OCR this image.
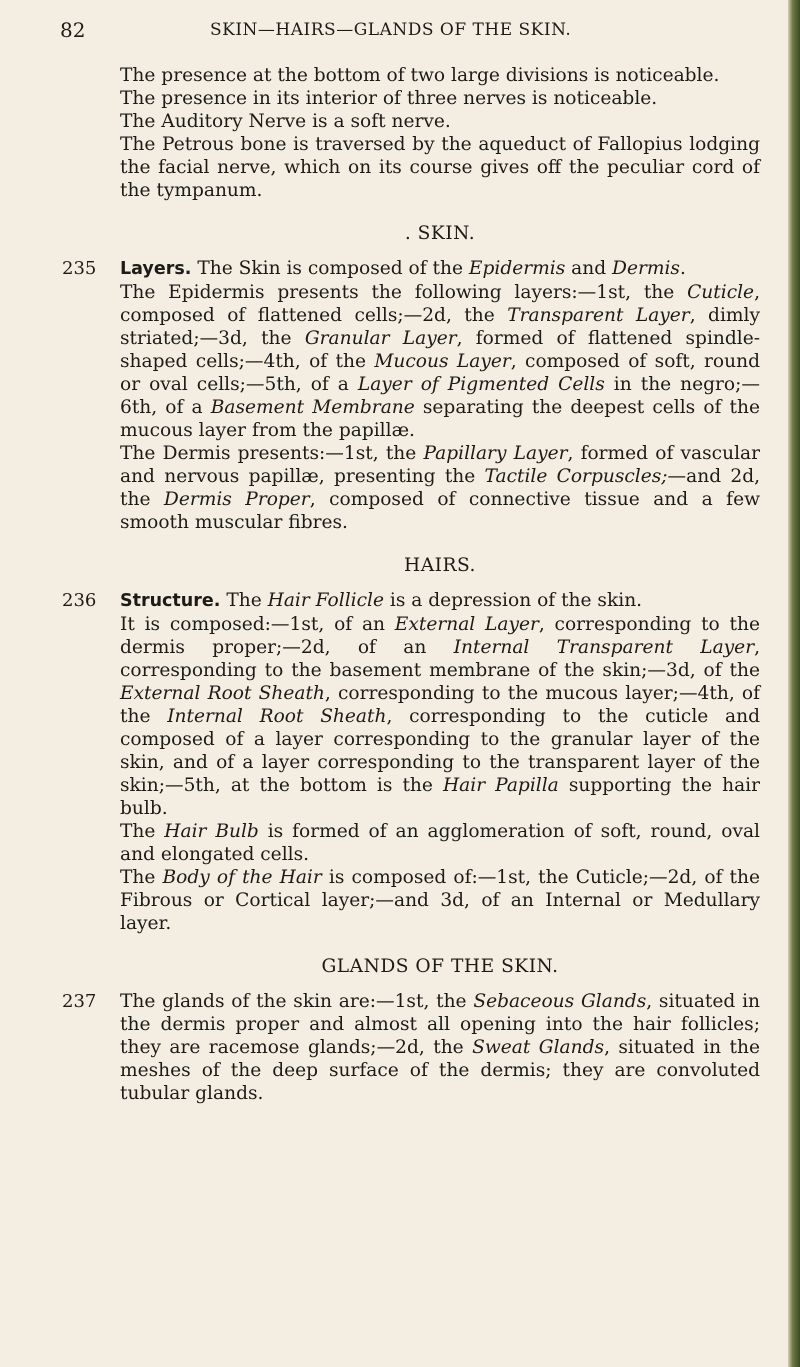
82	SKIN—HAIRS—GLANDS OF THE SKIN.

The presence at the bottom of two large divisions is noticeable.

The presence in its interior of three nerves is noticeable.

The Auditory Nerve is a soft nerve.

The Petrous bone is traversed by the aqueduct of Fallopius lodging the facial nerve, which on its course gives off the peculiar cord of the tympanum.

. SKIN.
235 Layers. The Skin is composed of the Epidermis and Dermis.

The Epidermis presents the following layers:—1st, the Cuticle, composed of flattened cells;—2d, the Transparent Layer, dimly striated;—3d, the Granular Layer, formed of flattened spindle-shaped cells;—4th, of the Mucous Layer, composed of soft, round or oval cells;—5th, of a Layer of Pigmented Cells in the negro;—6th, of a Basement Membrane separating the deepest cells of the mucous layer from the papillæ.

The Dermis presents:—1st, the Papillary Layer, formed of vascular and nervous papillæ, presenting the Tactile Corpuscles;—and 2d, the Dermis Proper, composed of connective tissue and a few smooth muscular fibres.

HAIRS.
236 Structure. The Hair Follicle is a depression of the skin.

It is composed:—1st, of an External Layer, corresponding to the dermis proper;—2d, of an Internal Transparent Layer, corresponding to the basement membrane of the skin;—3d, of the External Root Sheath, corresponding to the mucous layer;—4th, of the Internal Root Sheath, corresponding to the cuticle and composed of a layer corresponding to the granular layer of the skin, and of a layer corresponding to the transparent layer of the skin;—5th, at the bottom is the Hair Papilla supporting the hair bulb.

The Hair Bulb is formed of an agglomeration of soft, round, oval and elongated cells.

The Body of the Hair is composed of:—1st, the Cuticle;—2d, of the Fibrous or Cortical layer;—and 3d, of an Internal or Medullary layer.

GLANDS OF THE SKIN.
237 The glands of the skin are:—1st, the Sebaceous Glands, situated in the dermis proper and almost all opening into the hair follicles; they are racemose glands;—2d, the Sweat Glands, situated in the meshes of the deep surface of the dermis; they are convoluted tubular glands.
